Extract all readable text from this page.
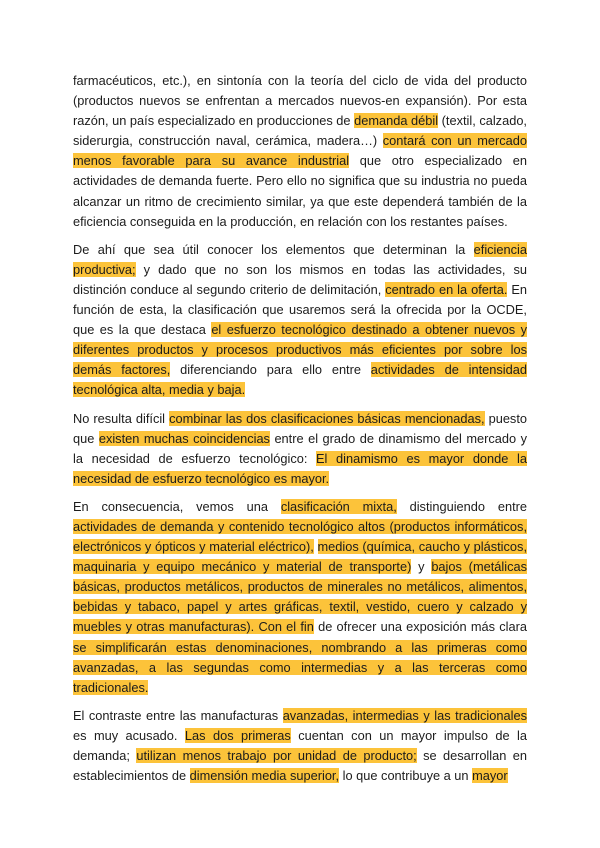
farmacéuticos, etc.), en sintonía con la teoría del ciclo de vida del producto (productos nuevos se enfrentan a mercados nuevos-en expansión). Por esta razón, un país especializado en producciones de demanda débil (textil, calzado, siderurgia, construcción naval, cerámica, madera…) contará con un mercado menos favorable para su avance industrial que otro especializado en actividades de demanda fuerte. Pero ello no significa que su industria no pueda alcanzar un ritmo de crecimiento similar, ya que este dependerá también de la eficiencia conseguida en la producción, en relación con los restantes países.

De ahí que sea útil conocer los elementos que determinan la eficiencia productiva; y dado que no son los mismos en todas las actividades, su distinción conduce al segundo criterio de delimitación, centrado en la oferta. En función de esta, la clasificación que usaremos será la ofrecida por la OCDE, que es la que destaca el esfuerzo tecnológico destinado a obtener nuevos y diferentes productos y procesos productivos más eficientes por sobre los demás factores, diferenciando para ello entre actividades de intensidad tecnológica alta, media y baja.

No resulta difícil combinar las dos clasificaciones básicas mencionadas, puesto que existen muchas coincidencias entre el grado de dinamismo del mercado y la necesidad de esfuerzo tecnológico: El dinamismo es mayor donde la necesidad de esfuerzo tecnológico es mayor.

En consecuencia, vemos una clasificación mixta, distinguiendo entre actividades de demanda y contenido tecnológico altos (productos informáticos, electrónicos y ópticos y material eléctrico), medios (química, caucho y plásticos, maquinaria y equipo mecánico y material de transporte) y bajos (metálicas básicas, productos metálicos, productos de minerales no metálicos, alimentos, bebidas y tabaco, papel y artes gráficas, textil, vestido, cuero y calzado y muebles y otras manufacturas). Con el fin de ofrecer una exposición más clara se simplificarán estas denominaciones, nombrando a las primeras como avanzadas, a las segundas como intermedias y a las terceras como tradicionales.

El contraste entre las manufacturas avanzadas, intermedias y las tradicionales es muy acusado. Las dos primeras cuentan con un mayor impulso de la demanda; utilizan menos trabajo por unidad de producto; se desarrollan en establecimientos de dimensión media superior, lo que contribuye a un mayor
